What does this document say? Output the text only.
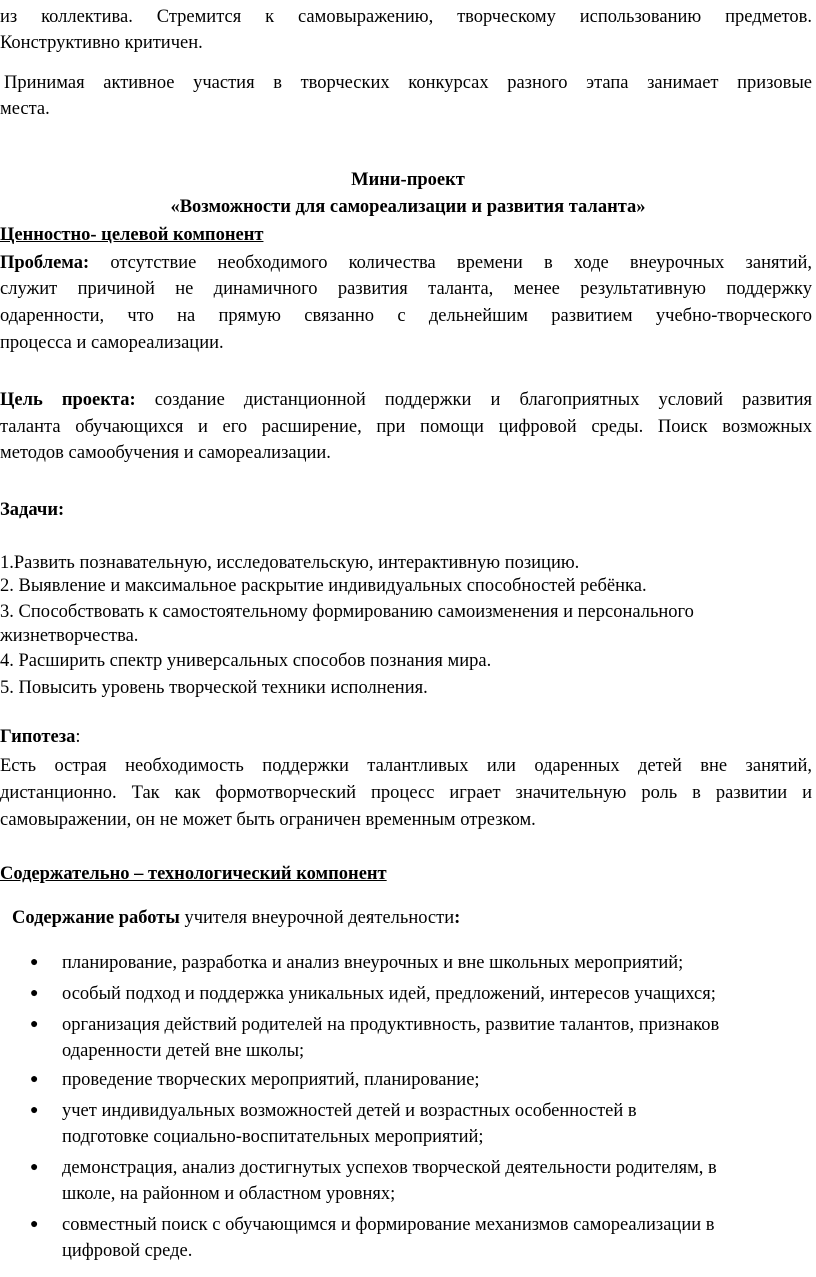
из коллектива. Стремится к самовыражению, творческому использованию предметов.
Конструктивно критичен.
Принимая активное участия в творческих конкурсах разного этапа занимает призовые
места.
Мини-проект
«Возможности для самореализации и развития таланта»
Ценностно- целевой компонент
Проблема: отсутствие необходимого количества времени в ходе внеурочных занятий,
служит причиной не динамичного развития таланта, менее результативную поддержку
одаренности, что на прямую связанно с дельнейшим развитием учебно-творческого
процесса и самореализации.
Цель проекта: создание дистанционной поддержки и благоприятных условий развития
таланта обучающихся и его расширение, при помощи цифровой среды. Поиск возможных
методов самообучения и самореализации.
Задачи:
1.Развить познавательную, исследовательскую, интерактивную позицию.
2. Выявление и максимальное раскрытие индивидуальных способностей ребёнка.
3. Способствовать к самостоятельному формированию самоизменения и персонального
жизнетворчества.
4. Расширить спектр универсальных способов познания мира.
5. Повысить уровень творческой техники исполнения.
Гипотеза:
Есть острая необходимость поддержки талантливых или одаренных детей вне занятий,
дистанционно. Так как формотворческий процесс играет значительную роль в развитии и
самовыражении, он не может быть ограничен временным отрезком.
Содержательно – технологический компонент
Содержание работы учителя внеурочной деятельности:
● планирование, разработка и анализ внеурочных и вне школьных мероприятий;
● особый подход и поддержка уникальных идей, предложений, интересов учащихся;
● организация действий родителей на продуктивность, развитие талантов, признаков
одаренности детей вне школы;
● проведение творческих мероприятий, планирование;
● учет индивидуальных возможностей детей и возрастных особенностей в
подготовке социально-воспитательных мероприятий;
● демонстрация, анализ достигнутых успехов творческой деятельности родителям, в
школе, на районном и областном уровнях;
● совместный поиск с обучающимся и формирование механизмов самореализации в
цифровой среде.
